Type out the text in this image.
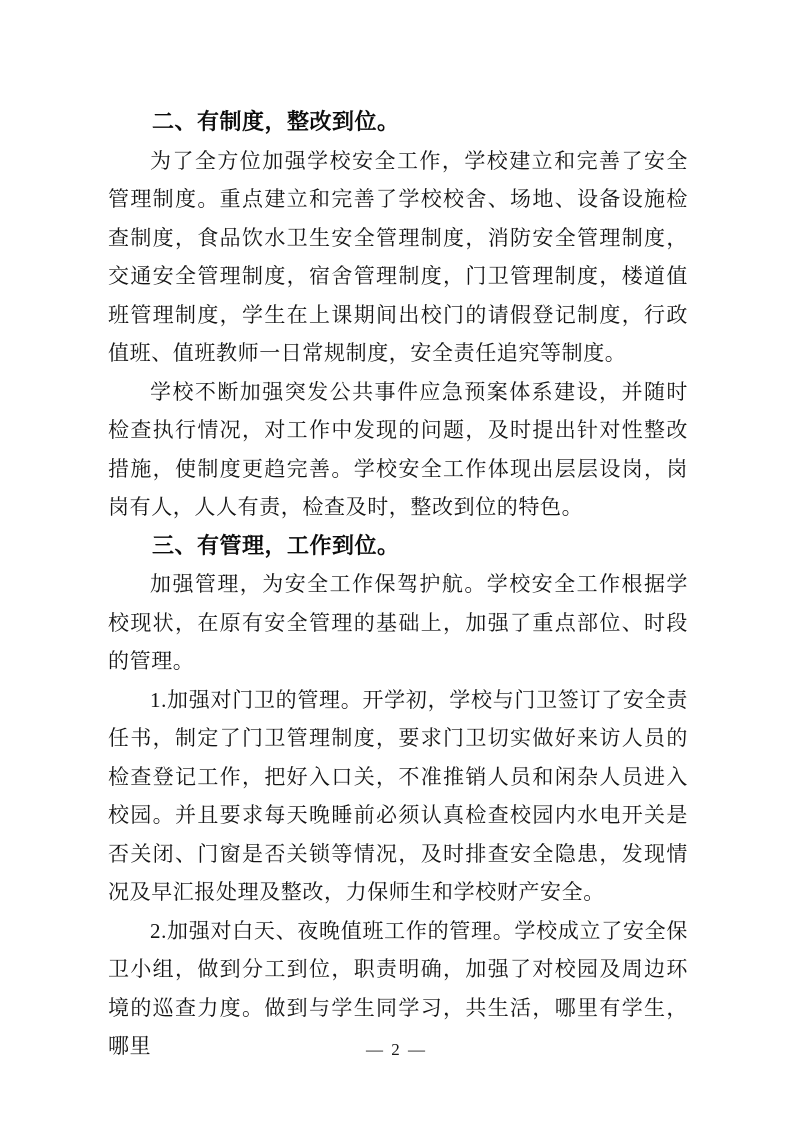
二、有制度，整改到位。

为了全方位加强学校安全工作，学校建立和完善了安全管理制度。重点建立和完善了学校校舍、场地、设备设施检查制度，食品饮水卫生安全管理制度，消防安全管理制度，交通安全管理制度，宿舍管理制度，门卫管理制度，楼道值班管理制度，学生在上课期间出校门的请假登记制度，行政值班、值班教师一日常规制度，安全责任追究等制度。

学校不断加强突发公共事件应急预案体系建设，并随时检查执行情况，对工作中发现的问题，及时提出针对性整改措施，使制度更趋完善。学校安全工作体现出层层设岗，岗岗有人，人人有责，检查及时，整改到位的特色。

三、有管理，工作到位。

加强管理，为安全工作保驾护航。学校安全工作根据学校现状，在原有安全管理的基础上，加强了重点部位、时段的管理。

1.加强对门卫的管理。开学初，学校与门卫签订了安全责任书，制定了门卫管理制度，要求门卫切实做好来访人员的检查登记工作，把好入口关，不准推销人员和闲杂人员进入校园。并且要求每天晚睡前必须认真检查校园内水电开关是否关闭、门窗是否关锁等情况，及时排查安全隐患，发现情况及早汇报处理及整改，力保师生和学校财产安全。

2.加强对白天、夜晚值班工作的管理。学校成立了安全保卫小组，做到分工到位，职责明确，加强了对校园及周边环境的巡查力度。做到与学生同学习，共生活，哪里有学生，哪里	— 2 —
